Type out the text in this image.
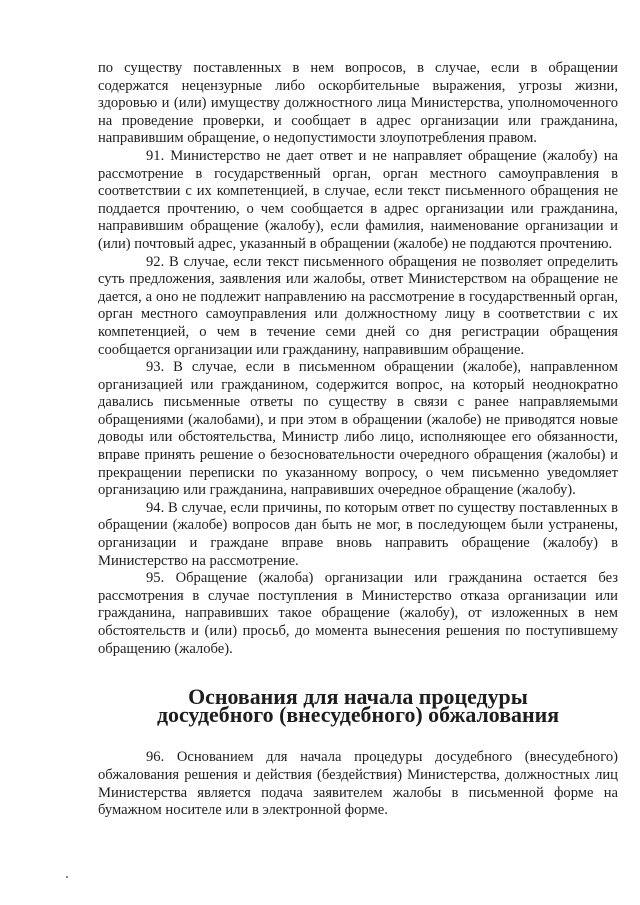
по существу поставленных в нем вопросов, в случае, если в обращении содержатся нецензурные либо оскорбительные выражения, угрозы жизни, здоровью и (или) имуществу должностного лица Министерства, уполномоченного на проведение проверки, и сообщает в адрес организации или гражданина, направившим обращение, о недопустимости злоупотребления правом.

91. Министерство не дает ответ и не направляет обращение (жалобу) на рассмотрение в государственный орган, орган местного самоуправления в соответствии с их компетенцией, в случае, если текст письменного обращения не поддается прочтению, о чем сообщается в адрес организации или гражданина, направившим обращение (жалобу), если фамилия, наименование организации и (или) почтовый адрес, указанный в обращении (жалобе) не поддаются прочтению.

92. В случае, если текст письменного обращения не позволяет определить суть предложения, заявления или жалобы, ответ Министерством на обращение не дается, а оно не подлежит направлению на рассмотрение в государственный орган, орган местного самоуправления или должностному лицу в соответствии с их компетенцией, о чем в течение семи дней со дня регистрации обращения сообщается организации или гражданину, направившим обращение.

93. В случае, если в письменном обращении (жалобе), направленном организацией или гражданином, содержится вопрос, на который неоднократно давались письменные ответы по существу в связи с ранее направляемыми обращениями (жалобами), и при этом в обращении (жалобе) не приводятся новые доводы или обстоятельства, Министр либо лицо, исполняющее его обязанности, вправе принять решение о безосновательности очередного обращения (жалобы) и прекращении переписки по указанному вопросу, о чем письменно уведомляет организацию или гражданина, направивших очередное обращение (жалобу).

94. В случае, если причины, по которым ответ по существу поставленных в обращении (жалобе) вопросов дан быть не мог, в последующем были устранены, организации и граждане вправе вновь направить обращение (жалобу) в Министерство на рассмотрение.

95. Обращение (жалоба) организации или гражданина остается без рассмотрения в случае поступления в Министерство отказа организации или гражданина, направивших такое обращение (жалобу), от изложенных в нем обстоятельств и (или) просьб, до момента вынесения решения по поступившему обращению (жалобе).

Основания для начала процедуры досудебного (внесудебного) обжалования

96. Основанием для начала процедуры досудебного (внесудебного) обжалования решения и действия (бездействия) Министерства, должностных лиц Министерства является подача заявителем жалобы в письменной форме на бумажном носителе или в электронной форме.
